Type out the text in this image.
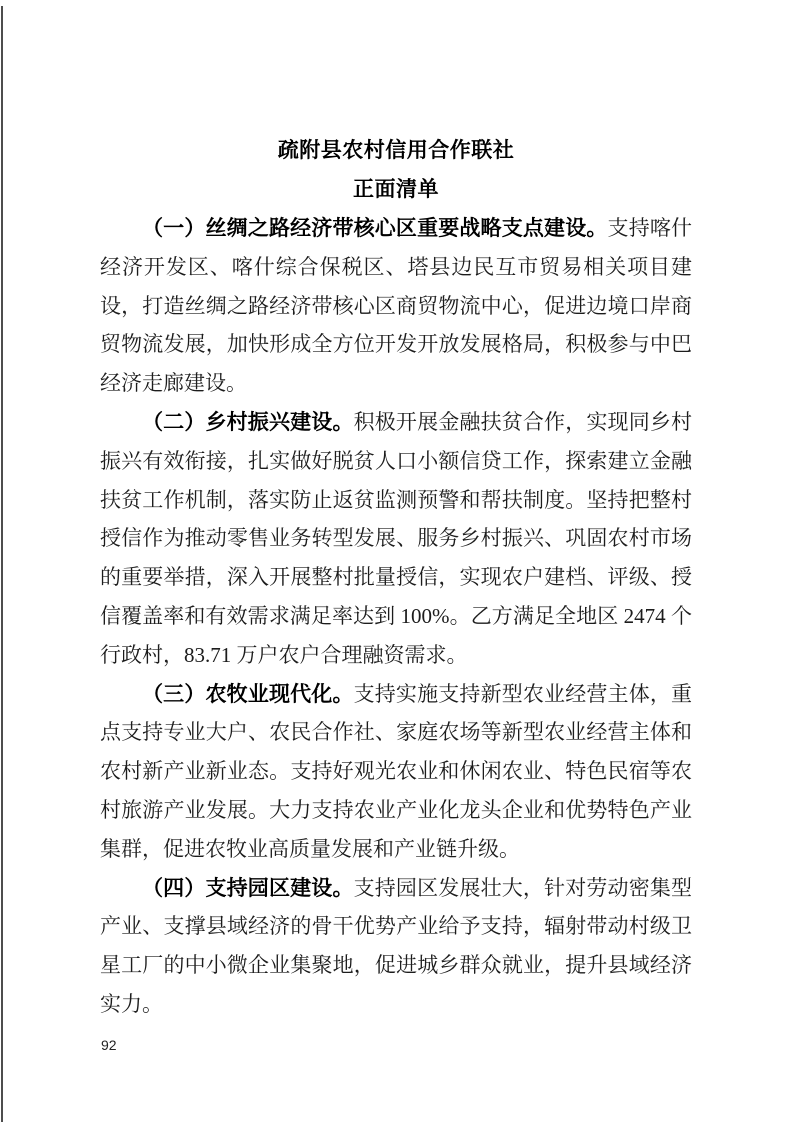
疏附县农村信用合作联社
正面清单

（一）丝绸之路经济带核心区重要战略支点建设。支持喀什经济开发区、喀什综合保税区、塔县边民互市贸易相关项目建设，打造丝绸之路经济带核心区商贸物流中心，促进边境口岸商贸物流发展，加快形成全方位开发开放发展格局，积极参与中巴经济走廊建设。

（二）乡村振兴建设。积极开展金融扶贫合作，实现同乡村振兴有效衔接，扎实做好脱贫人口小额信贷工作，探索建立金融扶贫工作机制，落实防止返贫监测预警和帮扶制度。坚持把整村授信作为推动零售业务转型发展、服务乡村振兴、巩固农村市场的重要举措，深入开展整村批量授信，实现农户建档、评级、授信覆盖率和有效需求满足率达到 100%。乙方满足全地区 2474 个行政村，83.71 万户农户合理融资需求。

（三）农牧业现代化。支持实施支持新型农业经营主体，重点支持专业大户、农民合作社、家庭农场等新型农业经营主体和农村新产业新业态。支持好观光农业和休闲农业、特色民宿等农村旅游产业发展。大力支持农业产业化龙头企业和优势特色产业集群，促进农牧业高质量发展和产业链升级。

（四）支持园区建设。支持园区发展壮大，针对劳动密集型产业、支撑县域经济的骨干优势产业给予支持，辐射带动村级卫星工厂的中小微企业集聚地，促进城乡群众就业，提升县域经济实力。

92
